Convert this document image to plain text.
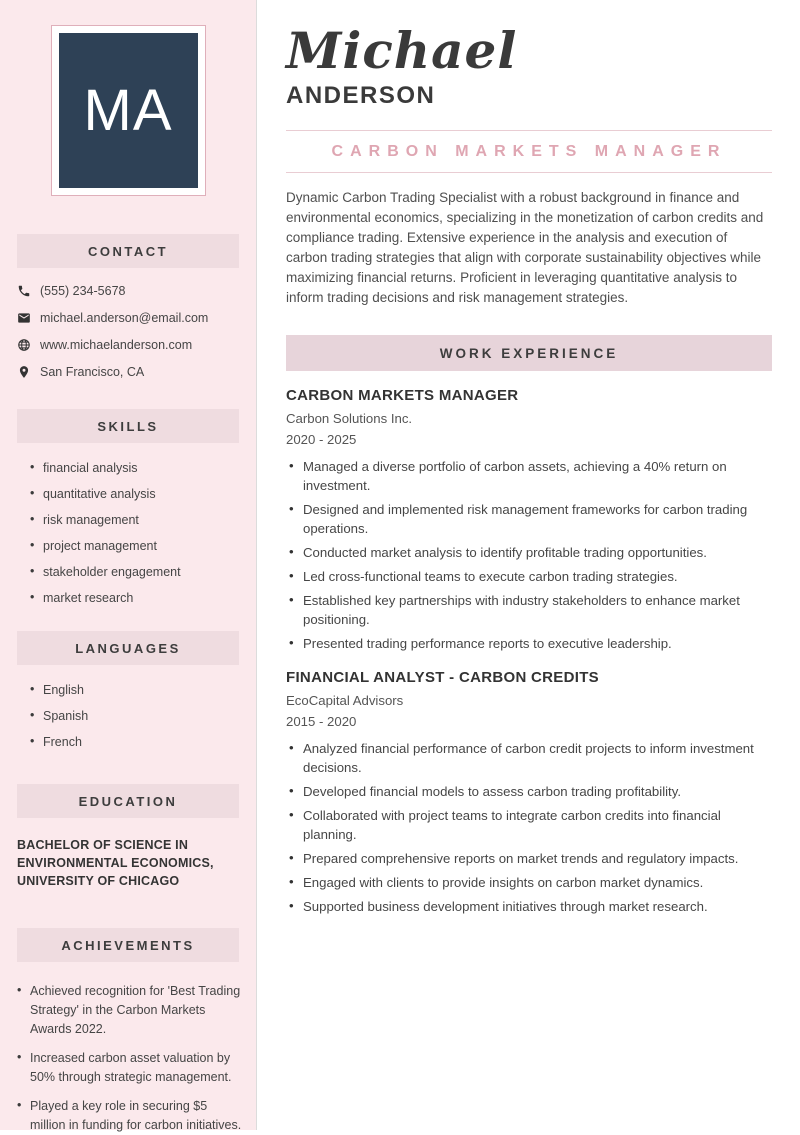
MA
CONTACT
(555) 234-5678
michael.anderson@email.com
www.michaelanderson.com
San Francisco, CA
SKILLS
• financial analysis
• quantitative analysis
• risk management
• project management
• stakeholder engagement
• market research
LANGUAGES
• English
• Spanish
• French
EDUCATION
BACHELOR OF SCIENCE IN ENVIRONMENTAL ECONOMICS, UNIVERSITY OF CHICAGO
ACHIEVEMENTS
• Achieved recognition for 'Best Trading Strategy' in the Carbon Markets Awards 2022.
• Increased carbon asset valuation by 50% through strategic management.
• Played a key role in securing $5 million in funding for carbon initiatives.
Michael
ANDERSON
CARBON MARKETS MANAGER

Dynamic Carbon Trading Specialist with a robust background in finance and environmental economics, specializing in the monetization of carbon credits and compliance trading. Extensive experience in the analysis and execution of carbon trading strategies that align with corporate sustainability objectives while maximizing financial returns. Proficient in leveraging quantitative analysis to inform trading decisions and risk management strategies.

WORK EXPERIENCE
CARBON MARKETS MANAGER
Carbon Solutions Inc.
2020 - 2025
• Managed a diverse portfolio of carbon assets, achieving a 40% return on investment.
• Designed and implemented risk management frameworks for carbon trading operations.
• Conducted market analysis to identify profitable trading opportunities.
• Led cross-functional teams to execute carbon trading strategies.
• Established key partnerships with industry stakeholders to enhance market positioning.
• Presented trading performance reports to executive leadership.
FINANCIAL ANALYST - CARBON CREDITS
EcoCapital Advisors
2015 - 2020
• Analyzed financial performance of carbon credit projects to inform investment decisions.
• Developed financial models to assess carbon trading profitability.
• Collaborated with project teams to integrate carbon credits into financial planning.
• Prepared comprehensive reports on market trends and regulatory impacts.
• Engaged with clients to provide insights on carbon market dynamics.
• Supported business development initiatives through market research.
